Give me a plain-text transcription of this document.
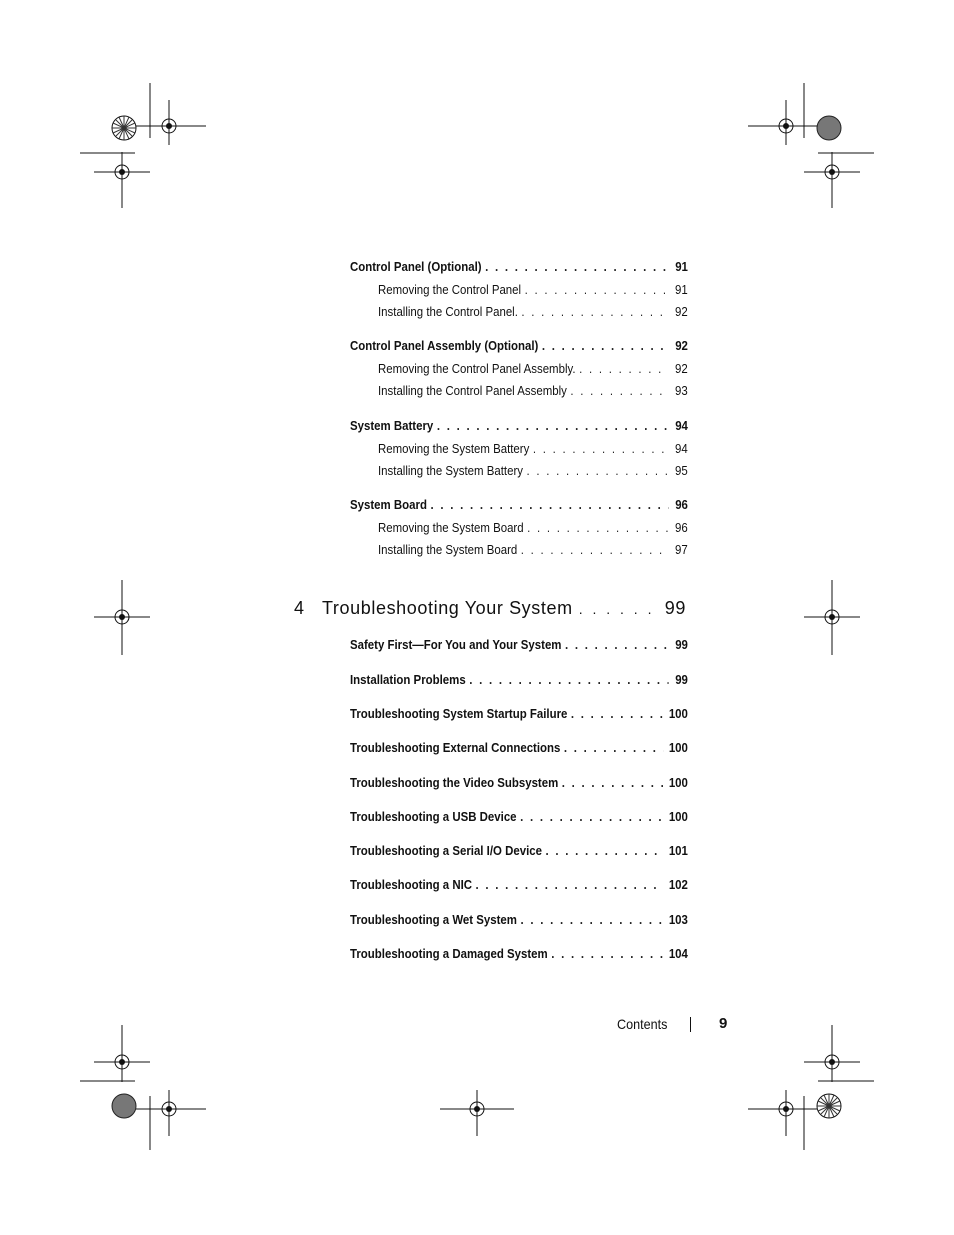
Control Panel (Optional) . . .	91
Removing the Control Panel . . .	91
Installing the Control Panel. . . .	92
Control Panel Assembly (Optional) . . .	92
Removing the Control Panel Assembly. . . .	92
Installing the Control Panel Assembly . . .	93
System Battery . . .	94
Removing the System Battery . . .	94
Installing the System Battery . . .	95
System Board . . .	96
Removing the System Board . . .	96
Installing the System Board . . .	97
4 Troubleshooting Your System . . .	99
Safety First—For You and Your System . . .	99
Installation Problems . . .	99
Troubleshooting System Startup Failure . . .	100
Troubleshooting External Connections . . .	100
Troubleshooting the Video Subsystem . . .	100
Troubleshooting a USB Device . . .	100
Troubleshooting a Serial I/O Device . . .	101
Troubleshooting a NIC . . .	102
Troubleshooting a Wet System . . .	103
Troubleshooting a Damaged System . . .	104
Contents	9
